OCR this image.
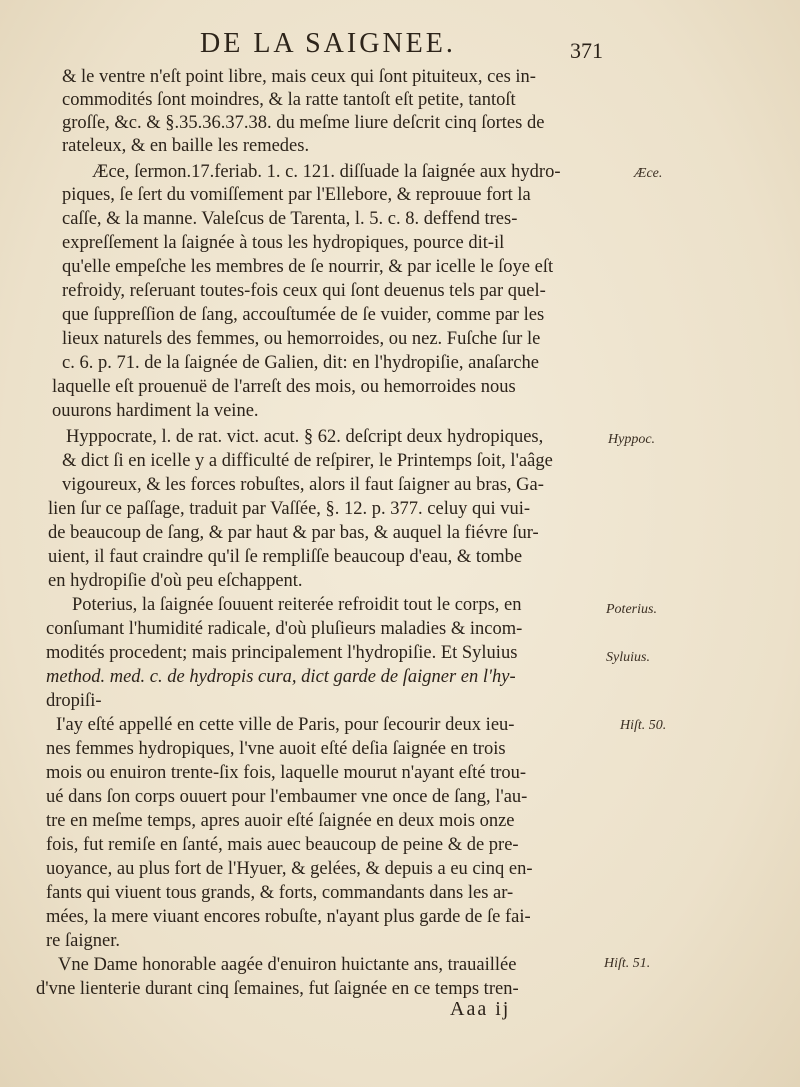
DE LA SAIGNEE.	371
& le ventre n'eſt point libre, mais ceux qui ſont pituiteux, ces in-
commodités ſont moindres, & la ratte tantoſt eſt petite, tantoſt
groſſe, &c. & §.35.36.37.38. du meſme liure deſcrit cinq ſortes de
rateleux, & en baille les remedes.
Æce, ſermon.17.feriab. 1. c. 121. diſſuade la ſaignée aux hydro-
piques, ſe ſert du vomiſſement par l'Ellebore, & reprouue fort la
caſſe, & la manne. Valeſcus de Tarenta, l. 5. c. 8. deffend tres-
expreſſement la ſaignée à tous les hydropiques, pource dit-il
qu'elle empeſche les membres de ſe nourrir, & par icelle le ſoye eſt
refroidy, reſeruant toutes-fois ceux qui ſont deuenus tels par quel-
que ſuppreſſion de ſang, accouſtumée de ſe vuider, comme par les
lieux naturels des femmes, ou hemorroides, ou nez. Fuſche ſur le
c. 6. p. 71. de la ſaignée de Galien, dit: en l'hydropiſie, anaſarche
laquelle eſt prouenuë de l'arreſt des mois, ou hemorroides nous
ouurons hardiment la veine.
Hyppocrate, l. de rat. vict. acut. § 62. deſcript deux hydropiques,
& dict ſi en icelle y a difficulté de reſpirer, le Printemps ſoit, l'aâge
vigoureux, & les forces robuſtes, alors il faut ſaigner au bras, Ga-
lien ſur ce paſſage, traduit par Vaſſée, §. 12. p. 377. celuy qui vui-
de beaucoup de ſang, & par haut & par bas, & auquel la fiévre ſur-
uient, il faut craindre qu'il ſe rempliſſe beaucoup d'eau, & tombe
en hydropiſie d'où peu eſchappent.
Poterius, la ſaignée ſouuent reiterée refroidit tout le corps, en
conſumant l'humidité radicale, d'où pluſieurs maladies & incom-
modités procedent; mais principalement l'hydropiſie. Et Syluius
method. med. c. de hydropis cura, dict garde de ſaigner en l'hy-
dropiſi-
I'ay eſté appellé en cette ville de Paris, pour ſecourir deux ieu-
nes femmes hydropiques, l'vne auoit eſté deſia ſaignée en trois
mois ou enuiron trente-ſix fois, laquelle mourut n'ayant eſté trou-
ué dans ſon corps ouuert pour l'embaumer vne once de ſang, l'au-
tre en meſme temps, apres auoir eſté ſaignée en deux mois onze
fois, fut remiſe en ſanté, mais auec beaucoup de peine & de pre-
uoyance, au plus fort de l'Hyuer, & gelées, & depuis a eu cinq en-
fants qui viuent tous grands, & forts, commandants dans les ar-
mées, la mere viuant encores robuſte, n'ayant plus garde de ſe fai-
re ſaigner.
Vne Dame honorable aagée d'enuiron huictante ans, trauaillée
d'vne lienterie durant cinq ſemaines, fut ſaignée en ce temps tren-
Æce.
Hyppoc.
Poterius.
Syluius.
Hiſt. 50.
Hiſt. 51.
Aaa ij
